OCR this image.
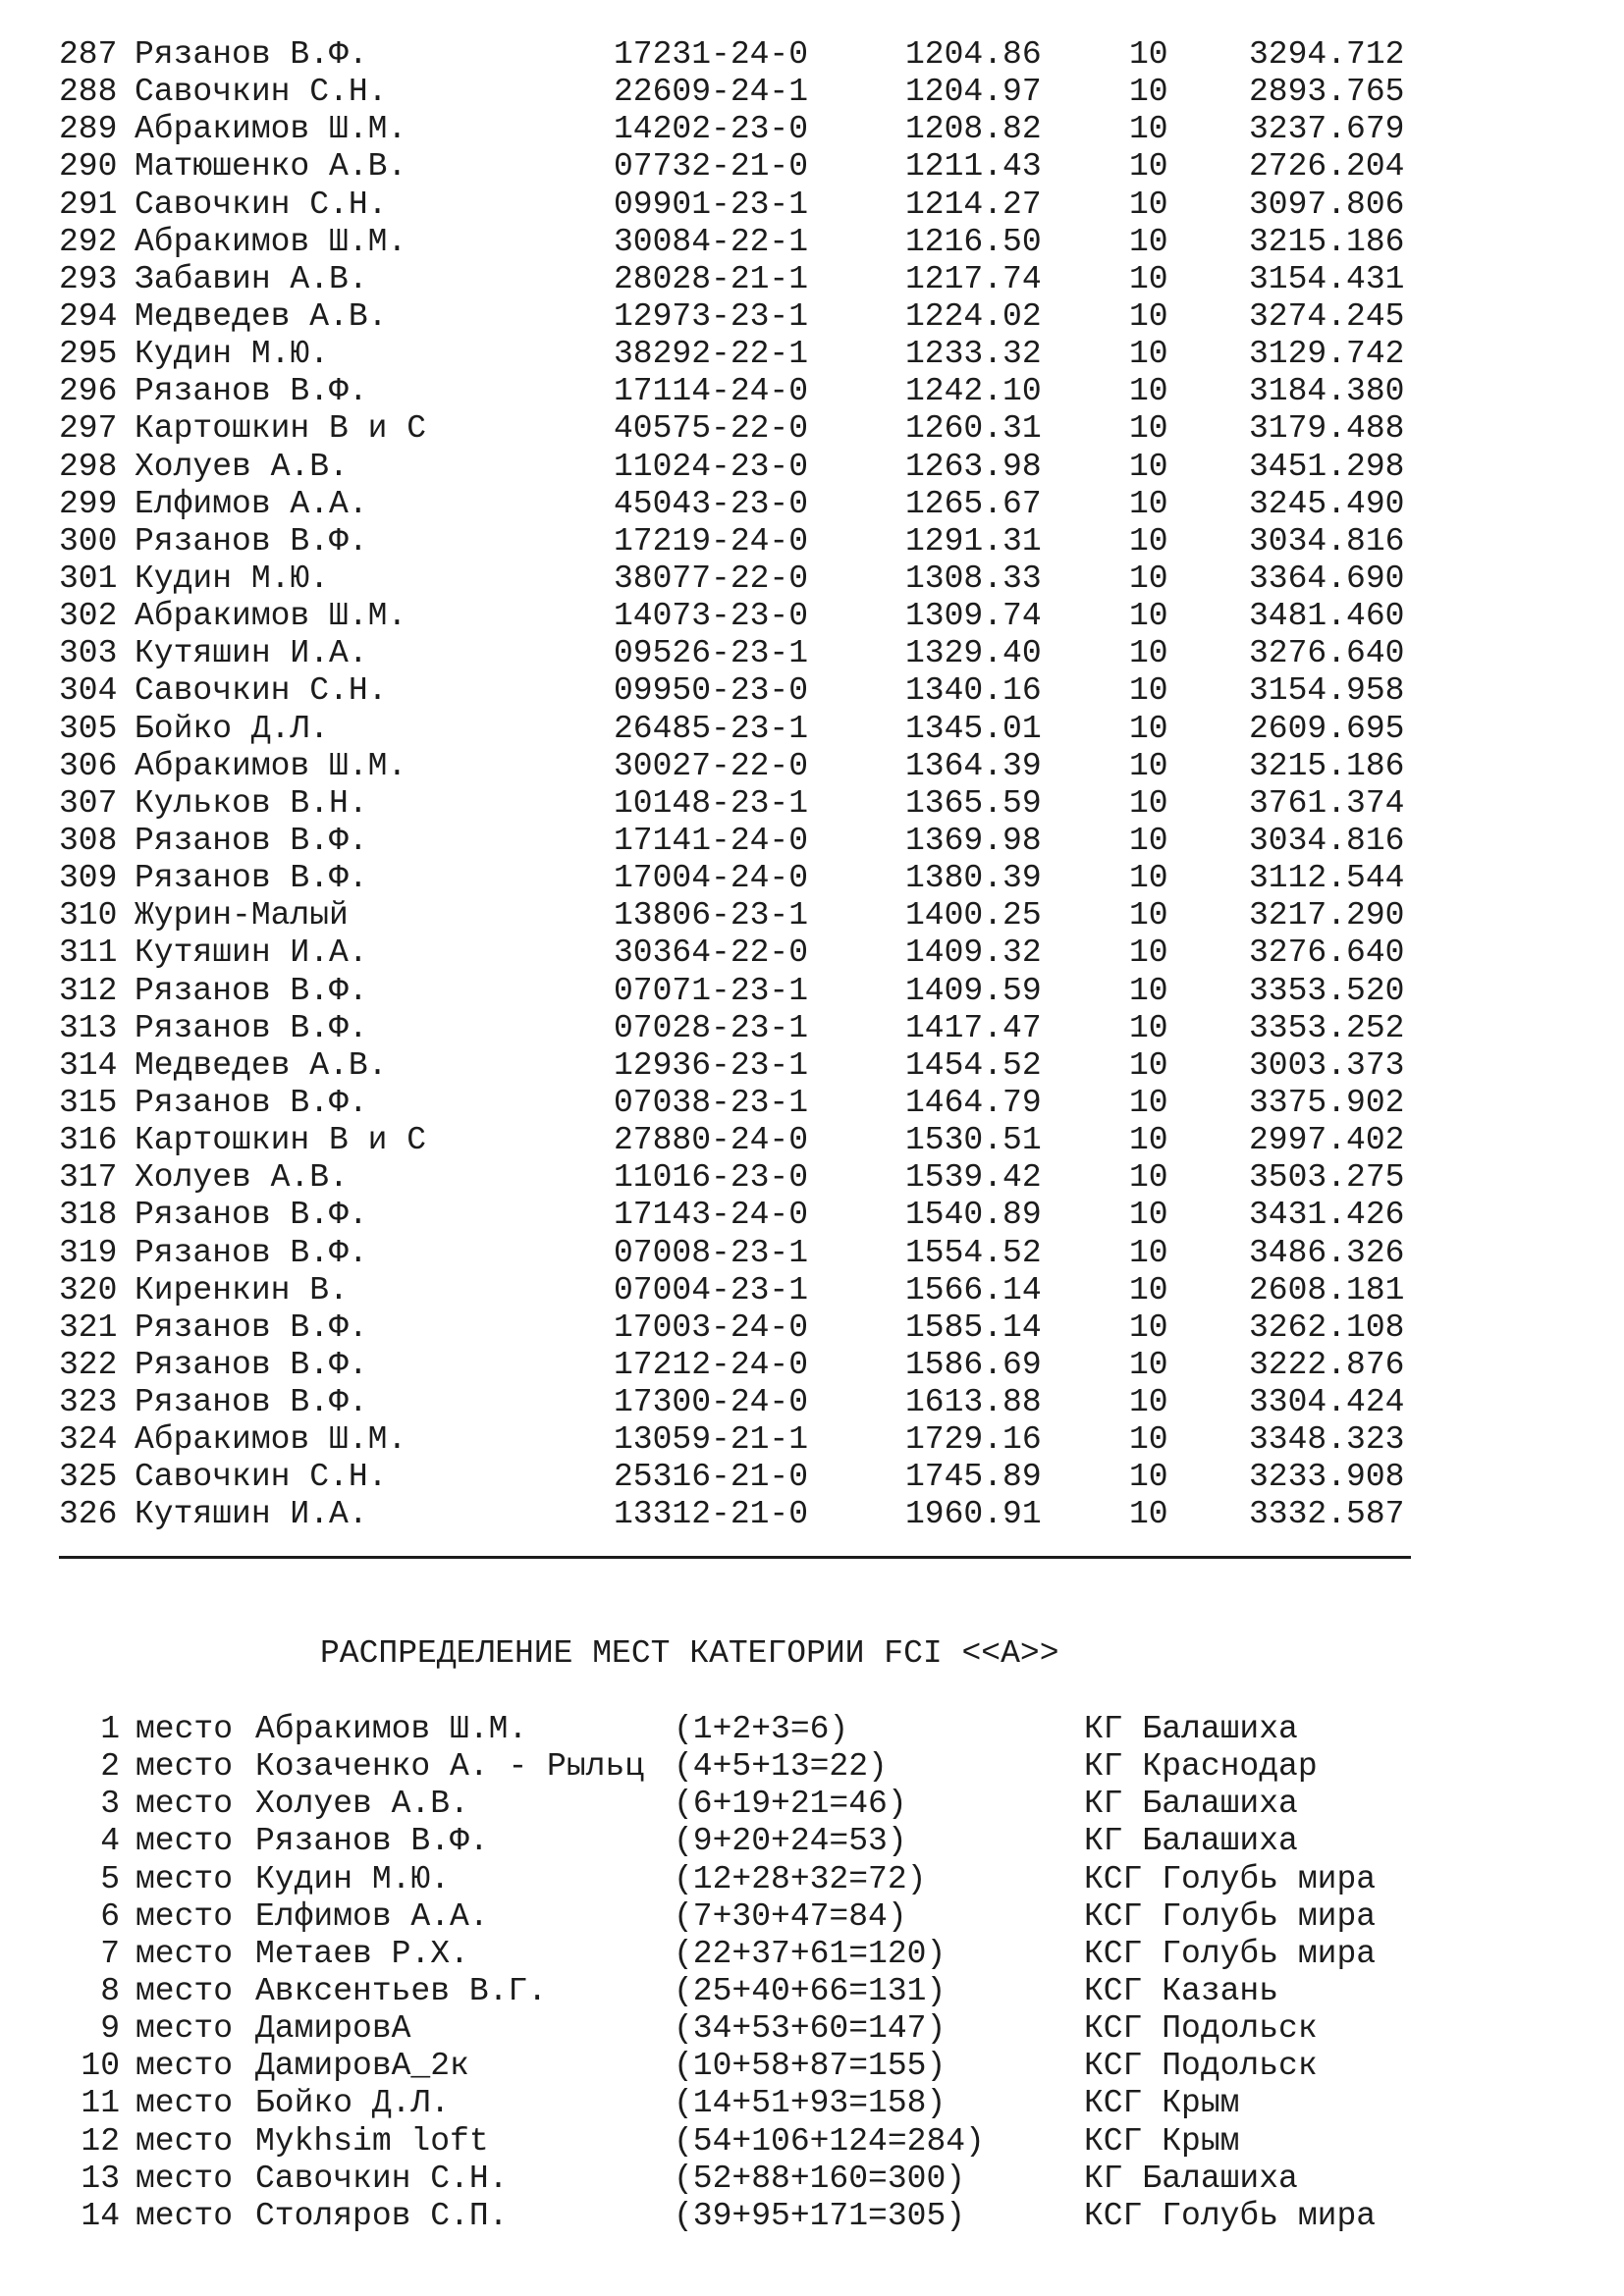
287 Рязанов В.Ф.	17231-24-0	1204.86	10	3294.712
288 Савочкин С.Н.	22609-24-1	1204.97	10	2893.765
289 Абракимов Ш.М.	14202-23-0	1208.82	10	3237.679
290 Матюшенко А.В.	07732-21-0	1211.43	10	2726.204
291 Савочкин С.Н.	09901-23-1	1214.27	10	3097.806
292 Абракимов Ш.М.	30084-22-1	1216.50	10	3215.186
293 Забавин А.В.	28028-21-1	1217.74	10	3154.431
294 Медведев А.В.	12973-23-1	1224.02	10	3274.245
295 Кудин М.Ю.	38292-22-1	1233.32	10	3129.742
296 Рязанов В.Ф.	17114-24-0	1242.10	10	3184.380
297 Картошкин В и С	40575-22-0	1260.31	10	3179.488
298 Холуев А.В.	11024-23-0	1263.98	10	3451.298
299 Елфимов А.А.	45043-23-0	1265.67	10	3245.490
300 Рязанов В.Ф.	17219-24-0	1291.31	10	3034.816
301 Кудин М.Ю.	38077-22-0	1308.33	10	3364.690
302 Абракимов Ш.М.	14073-23-0	1309.74	10	3481.460
303 Кутяшин И.А.	09526-23-1	1329.40	10	3276.640
304 Савочкин С.Н.	09950-23-0	1340.16	10	3154.958
305 Бойко Д.Л.	26485-23-1	1345.01	10	2609.695
306 Абракимов Ш.М.	30027-22-0	1364.39	10	3215.186
307 Кульков В.Н.	10148-23-1	1365.59	10	3761.374
308 Рязанов В.Ф.	17141-24-0	1369.98	10	3034.816
309 Рязанов В.Ф.	17004-24-0	1380.39	10	3112.544
310 Журин-Малый	13806-23-1	1400.25	10	3217.290
311 Кутяшин И.А.	30364-22-0	1409.32	10	3276.640
312 Рязанов В.Ф.	07071-23-1	1409.59	10	3353.520
313 Рязанов В.Ф.	07028-23-1	1417.47	10	3353.252
314 Медведев А.В.	12936-23-1	1454.52	10	3003.373
315 Рязанов В.Ф.	07038-23-1	1464.79	10	3375.902
316 Картошкин В и С	27880-24-0	1530.51	10	2997.402
317 Холуев А.В.	11016-23-0	1539.42	10	3503.275
318 Рязанов В.Ф.	17143-24-0	1540.89	10	3431.426
319 Рязанов В.Ф.	07008-23-1	1554.52	10	3486.326
320 Киренкин В.	07004-23-1	1566.14	10	2608.181
321 Рязанов В.Ф.	17003-24-0	1585.14	10	3262.108
322 Рязанов В.Ф.	17212-24-0	1586.69	10	3222.876
323 Рязанов В.Ф.	17300-24-0	1613.88	10	3304.424
324 Абракимов Ш.М.	13059-21-1	1729.16	10	3348.323
325 Савочкин С.Н.	25316-21-0	1745.89	10	3233.908
326 Кутяшин И.А.	13312-21-0	1960.91	10	3332.587
РАСПРЕДЕЛЕНИЕ МЕСТ КАТЕГОРИИ FCI <<А>>
1 место Абракимов Ш.М.	(1+2+3=6)	КГ Балашиха
2 место Козаченко А. - Рыльц (4+5+13=22)	КГ Краснодар
3 место Холуев А.В.	(6+19+21=46)	КГ Балашиха
4 место Рязанов В.Ф.	(9+20+24=53)	КГ Балашиха
5 место Кудин М.Ю.	(12+28+32=72)	КСГ Голубь мира
6 место Елфимов А.А.	(7+30+47=84)	КСГ Голубь мира
7 место Метаев Р.Х.	(22+37+61=120)	КСГ Голубь мира
8 место Авксентьев В.Г.	(25+40+66=131)	КСГ Казань
9 место ДамировА	(34+53+60=147)	КСГ Подольск
10 место ДамировА_2к	(10+58+87=155)	КСГ Подольск
11 место Бойко Д.Л.	(14+51+93=158)	КСГ Крым
12 место Mykhsim loft	(54+106+124=284)	КСГ Крым
13 место Савочкин С.Н.	(52+88+160=300)	КГ Балашиха
14 место Столяров С.П.	(39+95+171=305)	КСГ Голубь мира
